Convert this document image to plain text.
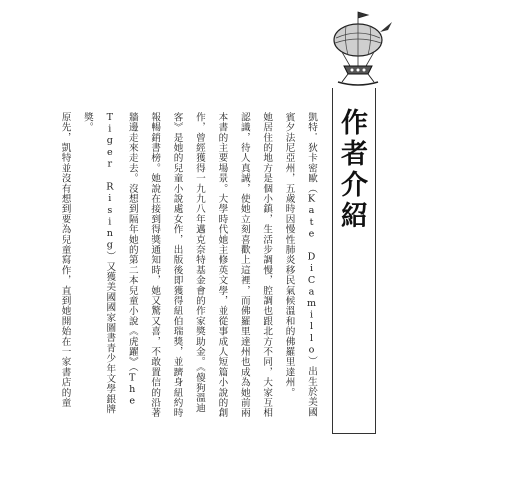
作者介紹

凱特．狄卡密歐（Kate DiCamillo）出生於美國賓夕法尼亞州，五歲時因慢性肺炎移民氣候溫和的佛羅里達州。

她居住的地方是個小鎮，生活步調慢，腔調也跟北方不同，大家互相認識，待人真誠，使她立刻喜歡上這裡，而佛羅里達州也成為她前兩本書的主要場景。大學時代她主修英文學，並從事成人短篇小說的創作，曾經獲得一九九八年邁克奈特基金會的作家獎助金。《傻狗溫迪客》是她的兒童小說處女作，出版後即獲得紐伯瑞獎，並躋身紐約時報暢銷書榜。她說在接到得獎通知時，她又驚又喜，不敢置信的沿著牆邊走來走去。沒想到隔年她的第二本兒童小說《虎躍》（The Tiger Rising）又獲美國國家圖書青少年文學銀牌獎。

原先，凱特並沒有想到要為兒童寫作，直到她開始在一家書店的童
